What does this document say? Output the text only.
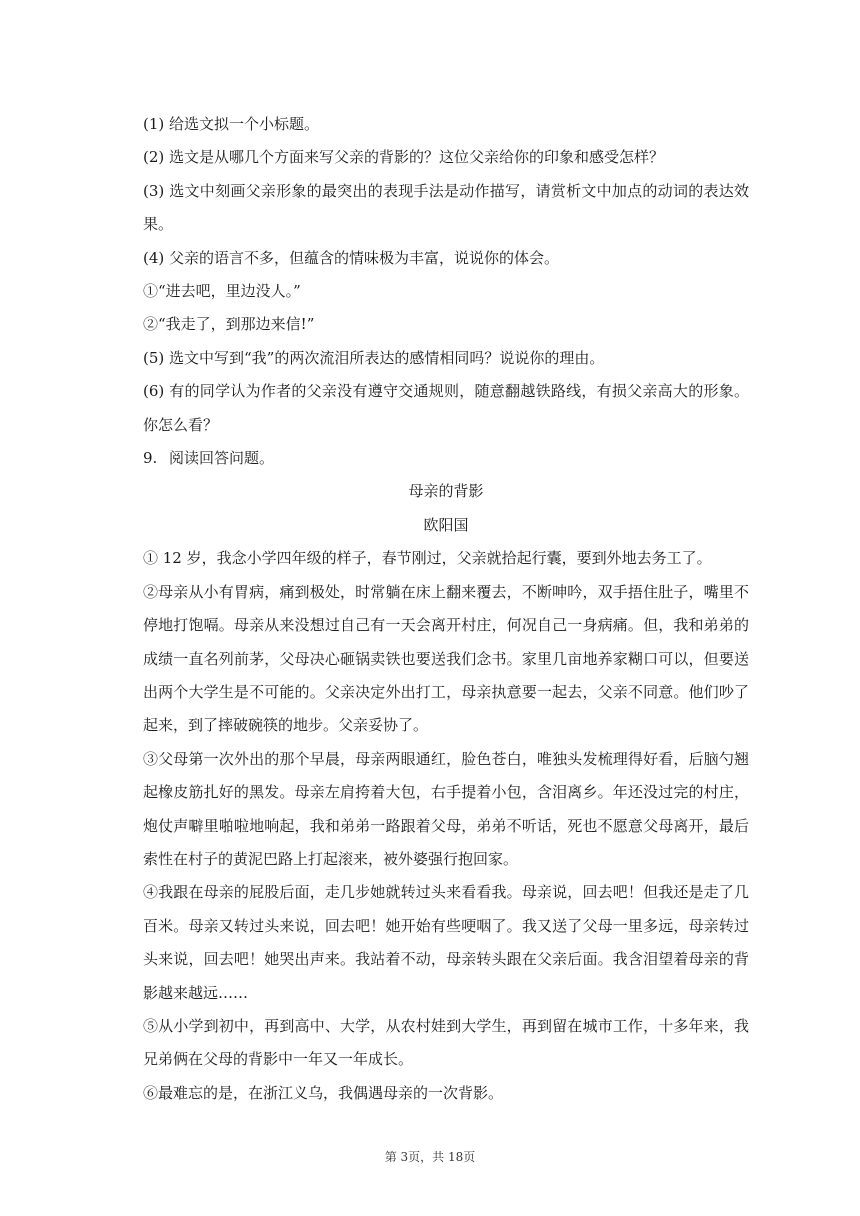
(1) 给选文拟一个小标题。

(2) 选文是从哪几个方面来写父亲的背影的？这位父亲给你的印象和感受怎样？

(3) 选文中刻画父亲形象的最突出的表现手法是动作描写，请赏析文中加点的动词的表达效果。

(4) 父亲的语言不多，但蕴含的情味极为丰富，说说你的体会。

①“进去吧，里边没人。”

②“我走了，到那边来信!”

(5) 选文中写到“我”的两次流泪所表达的感情相同吗？说说你的理由。

(6) 有的同学认为作者的父亲没有遵守交通规则，随意翻越铁路线，有损父亲高大的形象。你怎么看？

9. 阅读回答问题。

母亲的背影

欧阳国

① 12 岁，我念小学四年级的样子，春节刚过，父亲就拾起行囊，要到外地去务工了。

②母亲从小有胃病，痛到极处，时常躺在床上翻来覆去，不断呻吟，双手捂住肚子，嘴里不停地打饱嗝。母亲从来没想过自己有一天会离开村庄，何况自己一身病痛。但，我和弟弟的成绩一直名列前茅，父母决心砸锅卖铁也要送我们念书。家里几亩地养家糊口可以，但要送出两个大学生是不可能的。父亲决定外出打工，母亲执意要一起去，父亲不同意。他们吵了起来，到了摔破碗筷的地步。父亲妥协了。

③父母第一次外出的那个早晨，母亲两眼通红，脸色苍白，唯独头发梳理得好看，后脑勺翘起橡皮筋扎好的黑发。母亲左肩挎着大包，右手提着小包，含泪离乡。年还没过完的村庄，炮仗声噼里啪啦地响起，我和弟弟一路跟着父母，弟弟不听话，死也不愿意父母离开，最后索性在村子的黄泥巴路上打起滚来，被外婆强行抱回家。

④我跟在母亲的屁股后面，走几步她就转过头来看看我。母亲说，回去吧！但我还是走了几百米。母亲又转过头来说，回去吧！她开始有些哽咽了。我又送了父母一里多远，母亲转过头来说，回去吧！她哭出声来。我站着不动，母亲转头跟在父亲后面。我含泪望着母亲的背影越来越远……

⑤从小学到初中，再到高中、大学，从农村娃到大学生，再到留在城市工作，十多年来，我兄弟俩在父母的背影中一年又一年成长。

⑥最难忘的是，在浙江义乌，我偶遇母亲的一次背影。

第 3页，共 18页
